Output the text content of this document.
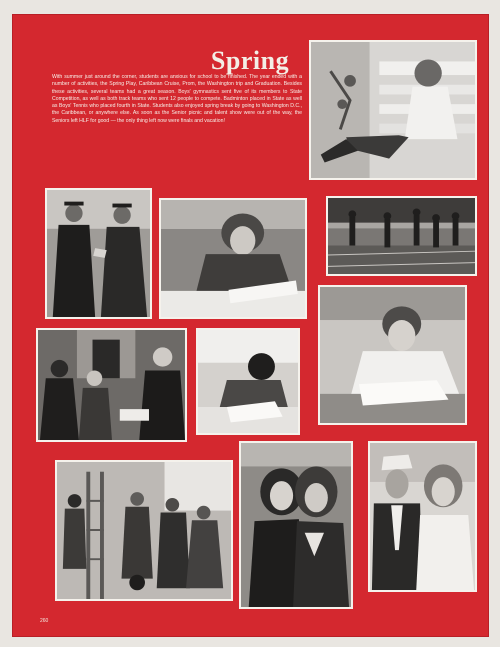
Spring
With summer just around the corner, students are anxious for school to be finished. The year ended with a number of activities, the Spring Play, Caribbean Cruise, Prom, the Washington trip and Graduation. Besides these activities, several teams had a great season. Boys' gymnastics sent five of its members to State Competition, as well as both track teams who sent 12 people to compete. Badminton placed in State as well as Boys' Tennis who placed fourth in State. Students also enjoyed spring break by going to Washington D.C., the Caribbean, or anywhere else. As soon as the Senior picnic and talent show were out of the way, the Seniors left HLF for good — the only thing left now were finals and vacation!
260
